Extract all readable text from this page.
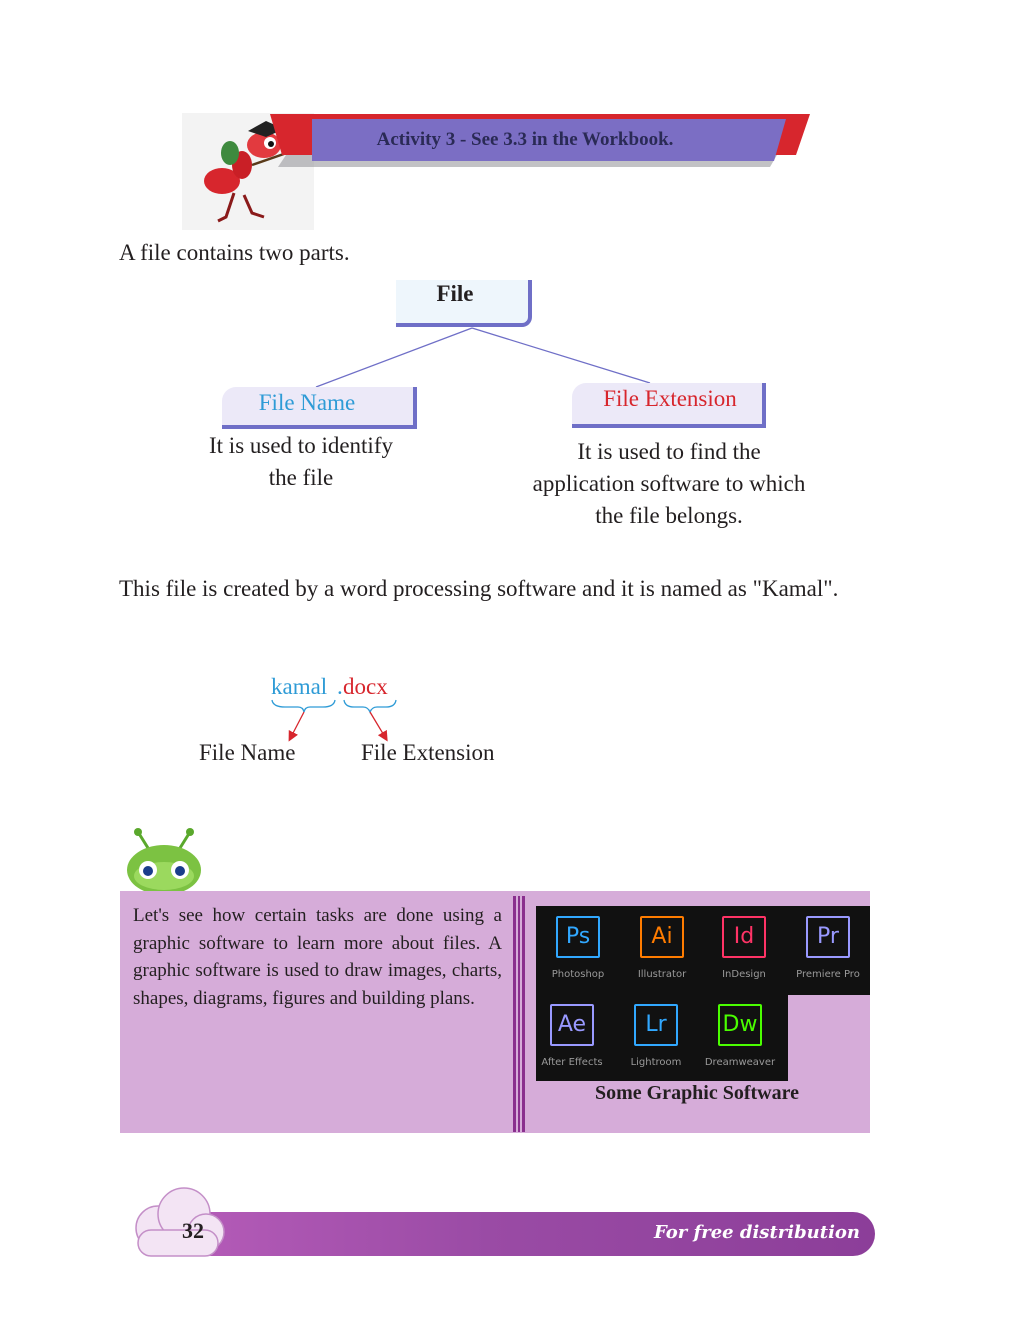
Activity 3 - See 3.3 in the Workbook.
A file contains two parts.
File
File Name
It is used to identify the file
File Extension
It is used to find the application software to which the file belongs.
This file is created by a word processing software and it is named as "Kamal".
kamal . docx
File Name	File Extension
Let's see how certain tasks are done using a graphic software to learn more about files. A graphic software is used to draw images, charts, shapes, diagrams, figures and building plans.
Ps
Photoshop
Ai
Illustrator
Id
InDesign
Pr
Premiere Pro
Ae
After Effects
Lr
Lightroom
Dw
Dreamweaver
Some Graphic Software
32	For free distribution
